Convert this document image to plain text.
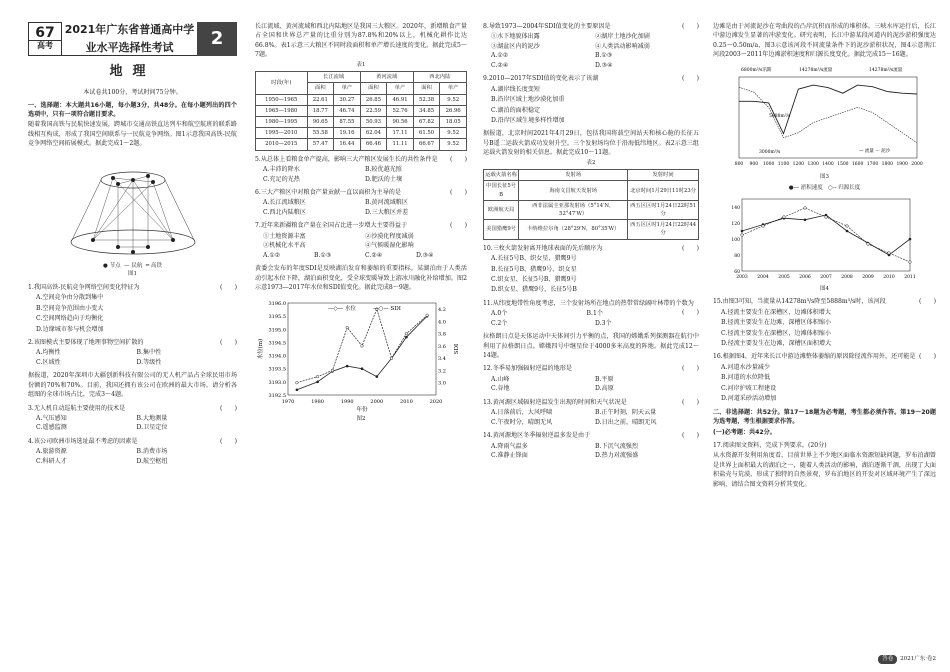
67
高考
2021年广东省普通高中学业水平选择性考试	2
地理

本试卷共100分，考试时间75分钟。

一、选择题：本大题共16小题，每小题3分，共48分。在每小题列出的四个选项中，只有一项符合题目要求。

随着我国高铁与民航快速发展，跨城市交通高铁直达列车和航空航班的联系路线相互构成，形成了我国空间联系与一民航竞争网络。图1示意我国高铁-民航竞争网络空间拓展模式。据此完成1～2题。

● 节点 — 民航 ═ 高铁
图1

1.我国高铁-民航竞争网络空间变化特征为	(　　)

A.空间竞争由分散到集中

B.空间竞争范围由小变大

C.空间网络趋向于均衡化

D.边缘城市参与机会增加

2.该图模式主要体现了地理事物空间扩散的	(　　)

A.均衡性	B.集中性
C.区域性	D.等级性

据报道，2020年深圳市大疆创新科技有限公司的无人机产品占全球民用市场份额的70%和70%。目前，我国还拥有该公司在欧洲的最大市场。请分析各组图的全球市场占比，完成3～4题。

3.无人机自动巡航主要使用的技术是	(　　)

A.气压感知	B.大地测量
C.遥感监测	D.卫星定位

4.该公司欧洲市场选址最不考虑的因素是	(　　)

A.旅游资源	B.消费市场
C.科研人才	D.航空枢纽

长江流域、黄河流域和西北内陆地区是我国三大粮区。2020年，新增粮食产量占全国和世界总产量的比重分别为87.8%和20%以上，机械化耕作比达66.8%。表1示意三大粮区不同时段面积和单产增长速度的变化。据此完成5～7题。

表1
时段(年)	长江流域		黄河流域		西北内陆	
	面积	单产	面积	单产	面积	单产
1950—1965	22.61	30.27	26.85	46.91	52.38	9.52
1965—1980	18.77	46.74	22.59	52.76	34.85	26.96
1980—1995	90.65	87.55	50.93	90.56	67.82	18.05
1995—2010	55.58	19.16	62.04	17.11	61.50	9.52
2010—2015	57.47	16.44	66.46	11.11	66.67	9.52

5.从总体上看粮食单产提高，影响三大产粮区发展生长的共性条件是 (　　)

A.丰沛的降水	B.较优越光照
C.充足的光热	D.肥沃的土壤

6.三大产粮区中对粮食产量贡献一直以面积为主导的是	(　　)

A.长江流域粮区	B.黄河流域粮区
C.西北内陆粮区	D.三大粮区并差

7.近年来新疆粮食产量在全国占比进一步增大主要得益于	(　　)

①土地资源丰富	②沙漠化程度减弱
③机械化水平高	④气候暖湿化影响
A.①②	B.①③	C.②④	D.③④

黄委会发布的年度SDI是反映湖泊发育和萎缩的重要指标。某湖泊由于人类活动引起水位下降，湖泊面积变化，受全球变暖导致上游冰川融化补给增加。图2示意1973—2017年水位和SDI值变化。据此完成8～9题。

1970	1980	1990	2000	2010	2020
3192.5
3193.0
3193.5
3194.0
3194.5
3195.0
3195.5
3196.0
3.0
3.2
3.4
3.6
3.8
4.0
4.2
年份
水位(m)	SDI
—◇— 水位	—○— SDI
图2

8.导致1973—2004年SDI值变化的主要原因是	(　　)

①水下地貌体出露	②湖岸土地沙化加剧
③湖盆区内的泥沙	④人类活动影响减弱
A.①②	B.①③
C.②④	D.③④

9.2010—2017年SDI值的变化表示了该湖	(　　)

A.湖岸线长度变短

B.沿岸区域土地沙漠化加重

C.湖泊的面积稳定

D.沿岸区域生境多样性增加

据报道，北京时间2021年4月29日，包括我国将载空间站天和核心舱的长征五号B遥二运载火箭成功发射升空。三个发射场均位于沿海低纬地区。表2示意三组运载火箭发射的相关信息。据此完成10～11题。

表2
运载火箭名称	发射场	发射时间
中国长征5号B	海南文昌航天发射场	北京时间1月29日11时23分
欧洲航天局	西非法属圭亚那发射场（5°14′N，52°47′W）	西五区区时1月24日22时51分
美国猎鹰9号	卡纳维拉尔角（28°29′N，80°35′W）	西五区区时1月24日22时44分

10.三枚火箭发射离开地球表面的先后顺序为	(　　)

A.长征5号B、织女星、猎鹰9号

B.长征5号B、猎鹰9号、织女星

C.织女星、长征5号B、猎鹰9号

D.织女星、猎鹰9号、长征5号B

11.从纬度地带性角度考虑，三个发射场所在地点的热带常绿阔叶林带的个数为
(　　)

A.0个	B.1个
C.2个	D.3个

拉格朗日点是天体运动中天体间引力平衡的点，我国的嫦娥系列探测器在航行中利用了拉格朗日点。嫦娥四号中继星位于4000多米高度的阵地。据此完成12～14题。

12.冬季易加强辐射逆温的地形是	(　　)

A.山峰	B.平原
C.谷地	D.高原

13.黄河源区域辐射逆温发生出现的时间和天气状况是	(　　)

A.日落前后，大风呼啸	B.正午时刻，阴天云量
C.午夜时分，晴朗无风	D.日出之前，晴朗无风

14.黄河源地区冬季辐射逆温多发是由于	(　　)

A.降雨气温多	B.下沉气流强烈
C.准静止锋面	D.热力对流强盛

边滩是由于河流泥沙在弯曲段的凸岸沉积而形成的堆积体。三峡水库运行后，长江中游边滩发生显著的冲淤变化。研究表明，长江中游某段河道内的泥沙淤积强度达0.25～0.50m/a，图3示意该河段不同流量条件下的泥沙淤积状况，图4示意荆江河段2003～2011年边滩淤积速度和归源长度变化。据此完成15～16题。

800 900 1000 1100 1200 1300 1400 1500 1600 1700 1800 1900 2000
6800m³/s汛期	14278m³/s流量	14278m³/s流量
5888m³/s
3000m³/s	— 流量 ··· 泥沙
图3
●— 淤积速度 ○-- 归源长度
2003 2004 2005 2006 2007 2008 2009 2010 2011
60
80
100
120
140
图4

15.由图3可知，当流量从14278m³/s降至5888m³/s时，该河段	(　　)

A.径流主要发生在深槽区，边滩体积增大

B.径流主要发生在边滩，深槽区体积缩小

C.径流主要发生在深槽区，边滩体积缩小

D.径流主要发生在边滩，深槽区面积增大

16.根据图4，近年来长江中游边滩整体萎缩的原因除径流作用外，还可能是 (　　)

A.河道水沙量减少

B.河道的水位降低

C.河岸护坡工程建设

D.河道采砂活动增加

二、非选择题：共52分。第17～18题为必考题，考生都必须作答。第19～20题为选考题，考生根据要求作答。

(一)必考题：共42分。

17.阅读图文资料，完成下列要求。(20分)

从水资源开发利用角度看，目前世界上不少地区面临水资源短缺问题，罗布泊湖曾是世界上面积最大的湖泊之一，随着人类活动的影响，湖泊逐渐干涸，出现了大面积盐壳与荒漠，形成了独特的自然景观，罗布泊地区的开发对区域环境产生了深远影响，请结合图文资料分析其变化。

答卷 2021广东·卷2
